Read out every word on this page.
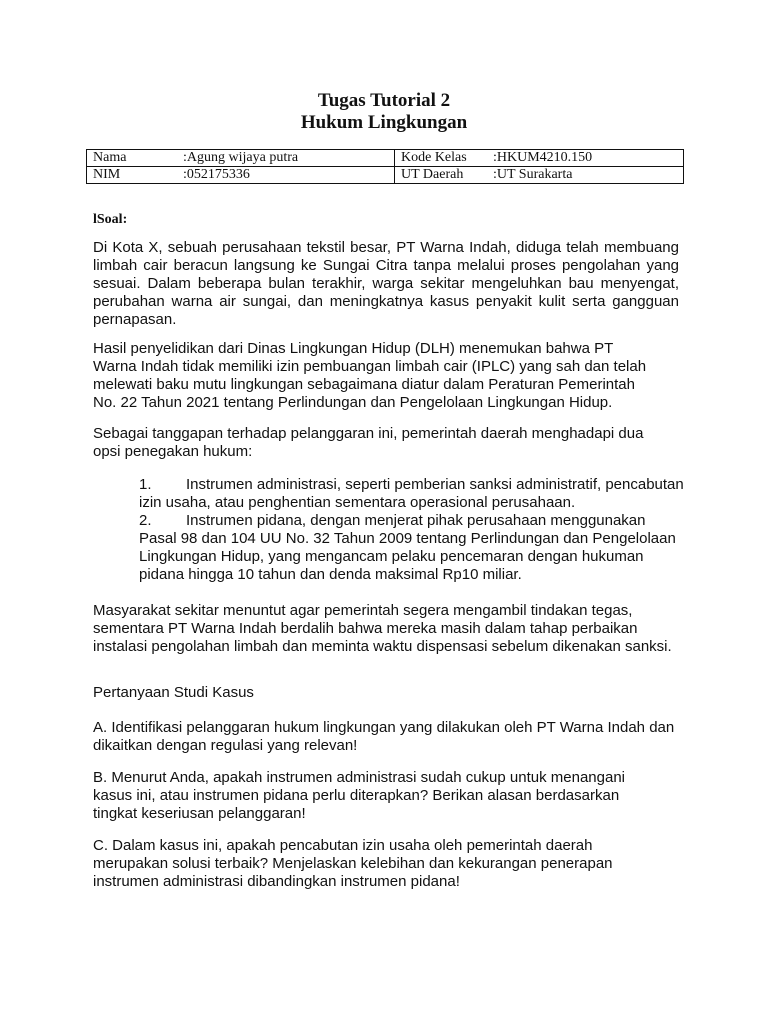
Tugas Tutorial 2
Hukum Lingkungan
Nama :Agung wijaya putra	Kode Kelas :HKUM4210.150

NIM :052175336	UT Daerah :UT Surakarta

lSoal:

Di Kota X, sebuah perusahaan tekstil besar, PT Warna Indah, diduga telah membuang limbah cair beracun langsung ke Sungai Citra tanpa melalui proses pengolahan yang sesuai. Dalam beberapa bulan terakhir, warga sekitar mengeluhkan bau menyengat, perubahan warna air sungai, dan meningkatnya kasus penyakit kulit serta gangguan pernapasan.

Hasil penyelidikan dari Dinas Lingkungan Hidup (DLH) menemukan bahwa PT Warna Indah tidak memiliki izin pembuangan limbah cair (IPLC) yang sah dan telah melewati baku mutu lingkungan sebagaimana diatur dalam Peraturan Pemerintah No. 22 Tahun 2021 tentang Perlindungan dan Pengelolaan Lingkungan Hidup.

Sebagai tanggapan terhadap pelanggaran ini, pemerintah daerah menghadapi dua opsi penegakan hukum:

1. Instrumen administrasi, seperti pemberian sanksi administratif, pencabutan izin usaha, atau penghentian sementara operasional perusahaan.

2. Instrumen pidana, dengan menjerat pihak perusahaan menggunakan Pasal 98 dan 104 UU No. 32 Tahun 2009 tentang Perlindungan dan Pengelolaan Lingkungan Hidup, yang mengancam pelaku pencemaran dengan hukuman pidana hingga 10 tahun dan denda maksimal Rp10 miliar.

Masyarakat sekitar menuntut agar pemerintah segera mengambil tindakan tegas, sementara PT Warna Indah berdalih bahwa mereka masih dalam tahap perbaikan instalasi pengolahan limbah dan meminta waktu dispensasi sebelum dikenakan sanksi.

Pertanyaan Studi Kasus

A. Identifikasi pelanggaran hukum lingkungan yang dilakukan oleh PT Warna Indah dan dikaitkan dengan regulasi yang relevan!

B. Menurut Anda, apakah instrumen administrasi sudah cukup untuk menangani kasus ini, atau instrumen pidana perlu diterapkan? Berikan alasan berdasarkan tingkat keseriusan pelanggaran!

C. Dalam kasus ini, apakah pencabutan izin usaha oleh pemerintah daerah merupakan solusi terbaik? Menjelaskan kelebihan dan kekurangan penerapan instrumen administrasi dibandingkan instrumen pidana!
